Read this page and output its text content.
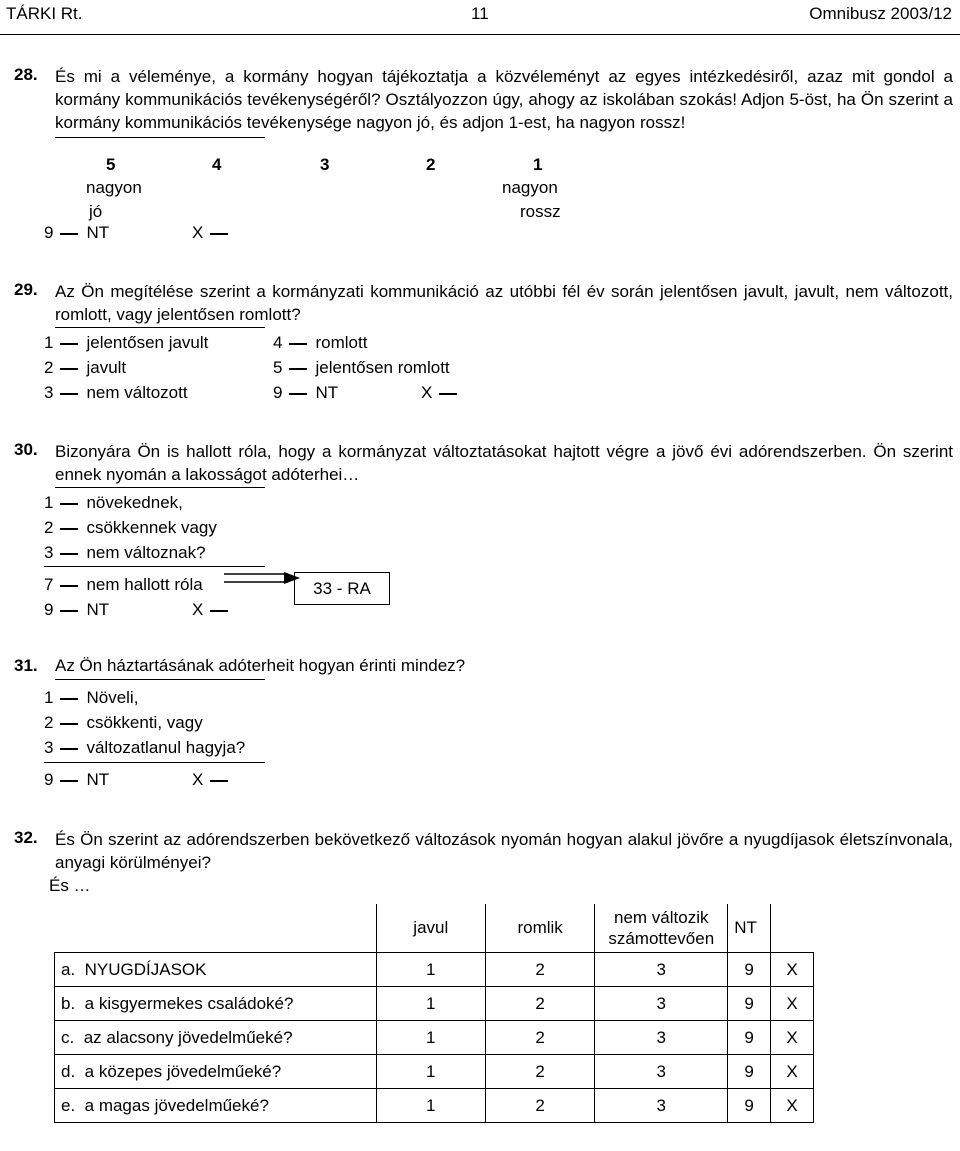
TÁRKI Rt.	11	Omnibusz 2003/12
28. És mi a véleménye, a kormány hogyan tájékoztatja a közvéleményt az egyes intézkedésiről, azaz mit gondol a kormány kommunikációs tevékenységéről? Osztályozzon úgy, ahogy az iskolában szokás! Adjon 5-öst, ha Ön szerint a kormány kommunikációs tevékenysége nagyon jó, és adjon 1-est, ha nagyon rossz!
5	4	3	2	1
nagyon
jó
nagyon
rossz
9 NT	X
29. Az Ön megítélése szerint a kormányzati kommunikáció az utóbbi fél év során jelentősen javult, javult, nem változott, romlott, vagy jelentősen romlott?
1 jelentősen javult
2 javult
3 nem változott
4 romlott
5 jelentősen romlott
9 NT	X
30. Bizonyára Ön is hallott róla, hogy a kormányzat változtatásokat hajtott végre a jövő évi adórendszerben. Ön szerint ennek nyomán a lakosságot adóterhei…
1 növekednek,
2 csökkennek vagy
3 nem változnak?
7 nem hallott róla
9 NT	X
33 - RA
31. Az Ön háztartásának adóterheit hogyan érinti mindez?
1 Növeli,
2 csökkenti, vagy
3 változatlanul hagyja?
9 NT	X
32. És Ön szerint az adórendszerben bekövetkező változások nyomán hogyan alakul jövőre a nyugdíjasok életszínvonala, anyagi körülményei?
És …
	javul	romlik	nem változik számottevően	NT	
a. NYUGDÍJASOK	1	2	3	9	X
b. a kisgyermekes családoké?	1	2	3	9	X
c. az alacsony jövedelműeké?	1	2	3	9	X
d. a közepes jövedelműeké?	1	2	3	9	X
e. a magas jövedelműeké?	1	2	3	9	X
